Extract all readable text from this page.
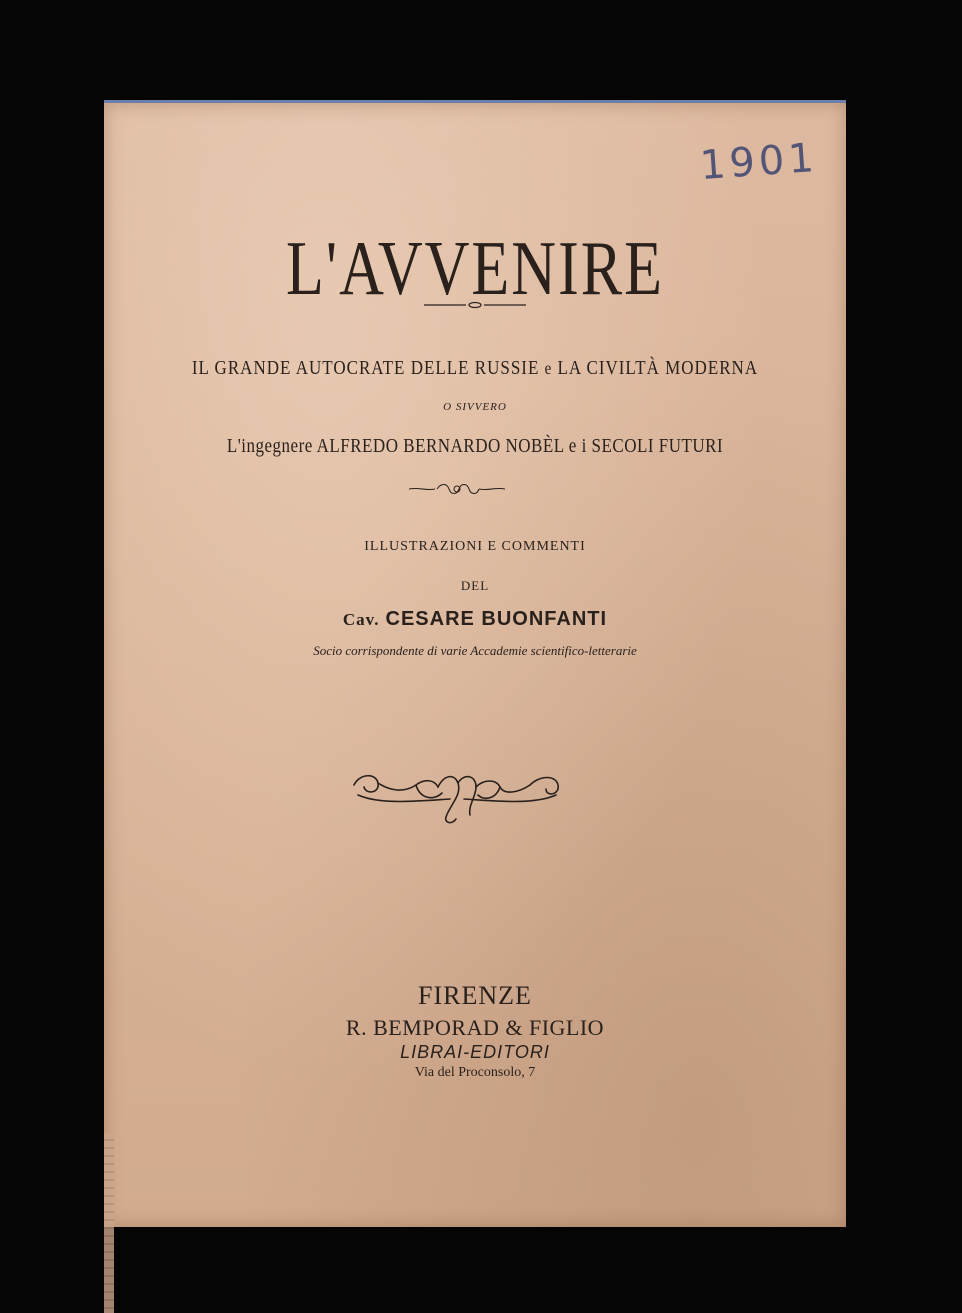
1901
L'AVVENIRE
IL GRANDE AUTOCRATE DELLE RUSSIE e LA CIVILTÀ MODERNA
O SIVVERO
L'ingegnere ALFREDO BERNARDO NOBÈL e i SECOLI FUTURI
ILLUSTRAZIONI E COMMENTI
DEL
Cav. CESARE BUONFANTI
Socio corrispondente di varie Accademie scientifico-letterarie
FIRENZE
R. BEMPORAD & FIGLIO
LIBRAI-EDITORI
Via del Proconsolo, 7
